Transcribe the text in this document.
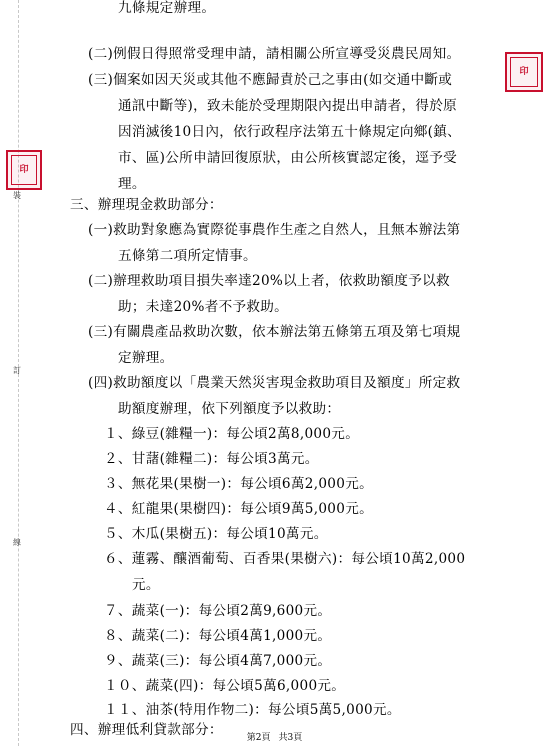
裝
訂
線
印
印
九條規定辦理。
(二)例假日得照常受理申請，請相關公所宣導受災農民周知。
(三)個案如因天災或其他不應歸責於己之事由(如交通中斷或
通訊中斷等)，致未能於受理期限內提出申請者，得於原
因消滅後10日內，依行政程序法第五十條規定向鄉(鎮、
市、區)公所申請回復原狀，由公所核實認定後，逕予受
理。
三、辦理現金救助部分：
(一)救助對象應為實際從事農作生產之自然人，且無本辦法第
五條第二項所定情事。
(二)辦理救助項目損失率達20%以上者，依救助額度予以救
助；未達20%者不予救助。
(三)有關農產品救助次數，依本辦法第五條第五項及第七項規
定辦理。
(四)救助額度以「農業天然災害現金救助項目及額度」所定救
助額度辦理，依下列額度予以救助：
１、綠豆(雜糧一)：每公頃2萬8,000元。
２、甘藷(雜糧二)：每公頃3萬元。
３、無花果(果樹一)：每公頃6萬2,000元。
４、紅龍果(果樹四)：每公頃9萬5,000元。
５、木瓜(果樹五)：每公頃10萬元。
６、蓮霧、釀酒葡萄、百香果(果樹六)：每公頃10萬2,000
元。
７、蔬菜(一)：每公頃2萬9,600元。
８、蔬菜(二)：每公頃4萬1,000元。
９、蔬菜(三)：每公頃4萬7,000元。
１０、蔬菜(四)：每公頃5萬6,000元。
１１、油茶(特用作物二)：每公頃5萬5,000元。
四、辦理低利貸款部分：	第2頁 共3頁
